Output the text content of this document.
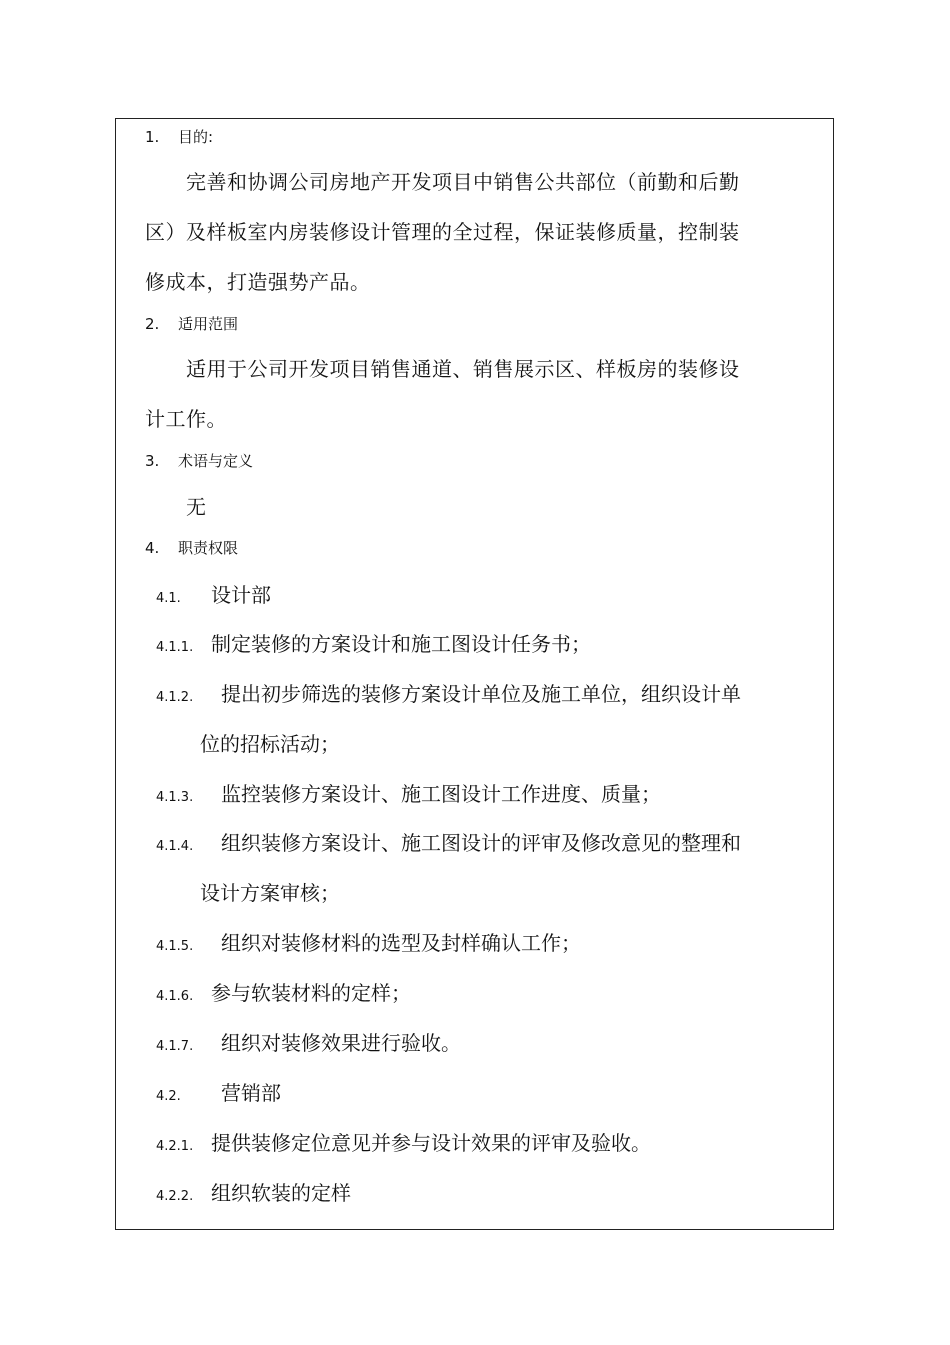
1. 目的:
完善和协调公司房地产开发项目中销售公共部位（前勤和后勤
区）及样板室内房装修设计管理的全过程，保证装修质量，控制装
修成本，打造强势产品。
2. 适用范围
适用于公司开发项目销售通道、销售展示区、样板房的装修设
计工作。
3. 术语与定义
无
4. 职责权限
4.1. 设计部
4.1.1. 制定装修的方案设计和施工图设计任务书；
4.1.2. 提出初步筛选的装修方案设计单位及施工单位，组织设计单
位的招标活动；
4.1.3. 监控装修方案设计、施工图设计工作进度、质量；
4.1.4. 组织装修方案设计、施工图设计的评审及修改意见的整理和
设计方案审核；
4.1.5. 组织对装修材料的选型及封样确认工作；
4.1.6. 参与软装材料的定样；
4.1.7. 组织对装修效果进行验收。
4.2. 营销部
4.2.1. 提供装修定位意见并参与设计效果的评审及验收。
4.2.2. 组织软装的定样
